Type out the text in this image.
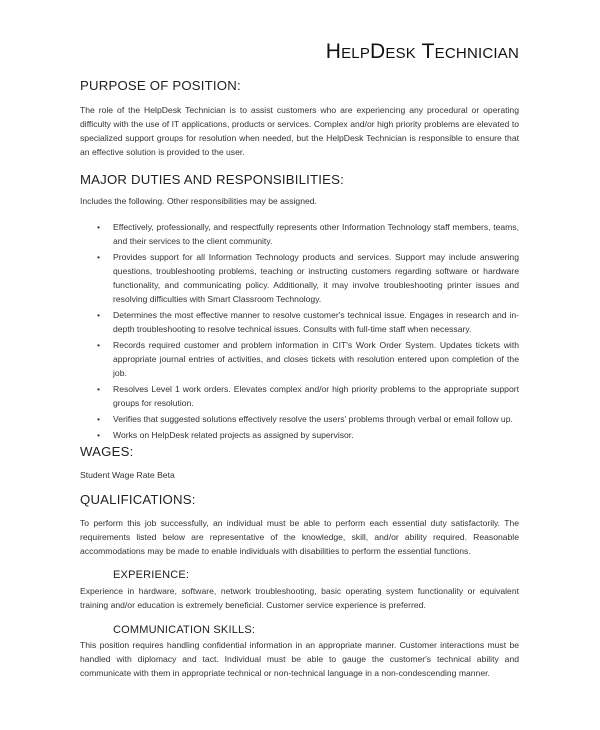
HelpDesk Technician
PURPOSE OF POSITION:
The role of the HelpDesk Technician is to assist customers who are experiencing any procedural or operating difficulty with the use of IT applications, products or services. Complex and/or high priority problems are elevated to specialized support groups for resolution when needed, but the HelpDesk Technician is responsible to ensure that an effective solution is provided to the user.
MAJOR DUTIES AND RESPONSIBILITIES:
Includes the following. Other responsibilities may be assigned.
• Effectively, professionally, and respectfully represents other Information Technology staff members, teams, and their services to the client community.
• Provides support for all Information Technology products and services. Support may include answering questions, troubleshooting problems, teaching or instructing customers regarding software or hardware functionality, and communicating policy. Additionally, it may involve troubleshooting printer issues and resolving difficulties with Smart Classroom Technology.
• Determines the most effective manner to resolve customer's technical issue. Engages in research and in-depth troubleshooting to resolve technical issues. Consults with full-time staff when necessary.
• Records required customer and problem information in CIT's Work Order System. Updates tickets with appropriate journal entries of activities, and closes tickets with resolution entered upon completion of the job.
• Resolves Level 1 work orders. Elevates complex and/or high priority problems to the appropriate support groups for resolution.
• Verifies that suggested solutions effectively resolve the users' problems through verbal or email follow up.
• Works on HelpDesk related projects as assigned by supervisor.
WAGES:
Student Wage Rate Beta
QUALIFICATIONS:
To perform this job successfully, an individual must be able to perform each essential duty satisfactorily. The requirements listed below are representative of the knowledge, skill, and/or ability required. Reasonable accommodations may be made to enable individuals with disabilities to perform the essential functions.
EXPERIENCE:
Experience in hardware, software, network troubleshooting, basic operating system functionality or equivalent training and/or education is extremely beneficial. Customer service experience is preferred.
COMMUNICATION SKILLS:
This position requires handling confidential information in an appropriate manner. Customer interactions must be handled with diplomacy and tact. Individual must be able to gauge the customer's technical ability and communicate with them in appropriate technical or non-technical language in a non-condescending manner.
